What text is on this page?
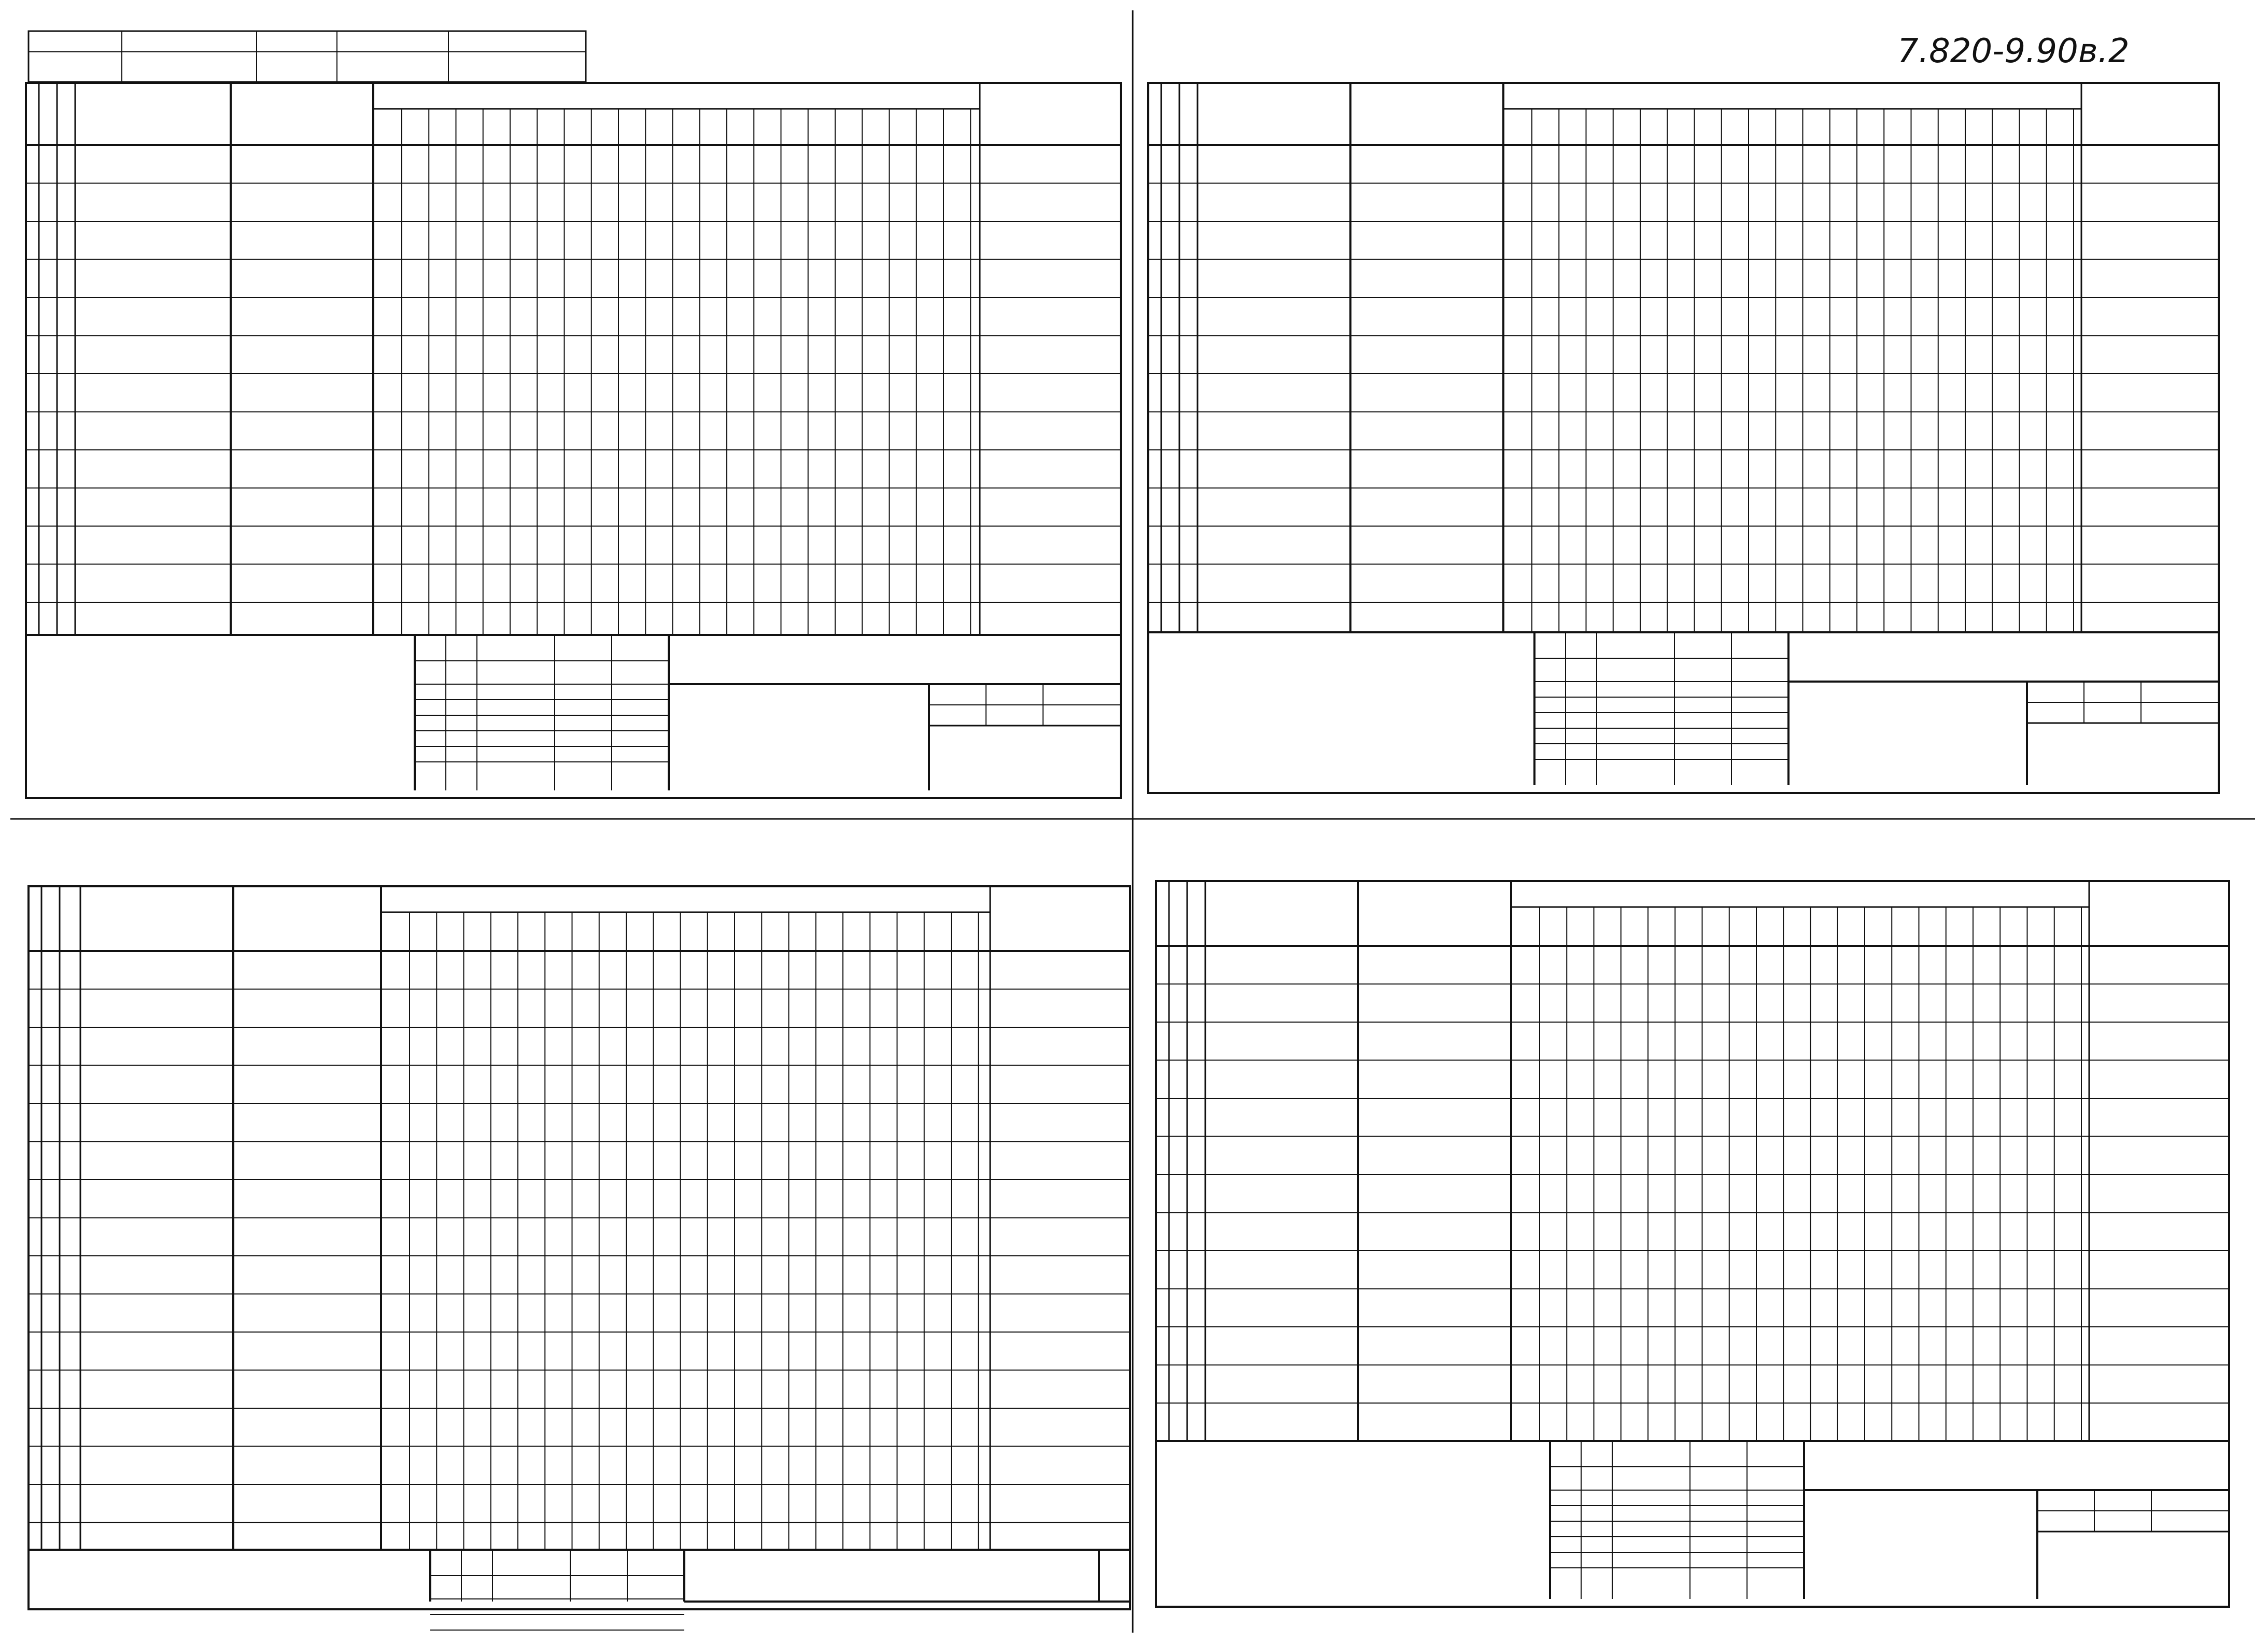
7.820-9.90в.2
